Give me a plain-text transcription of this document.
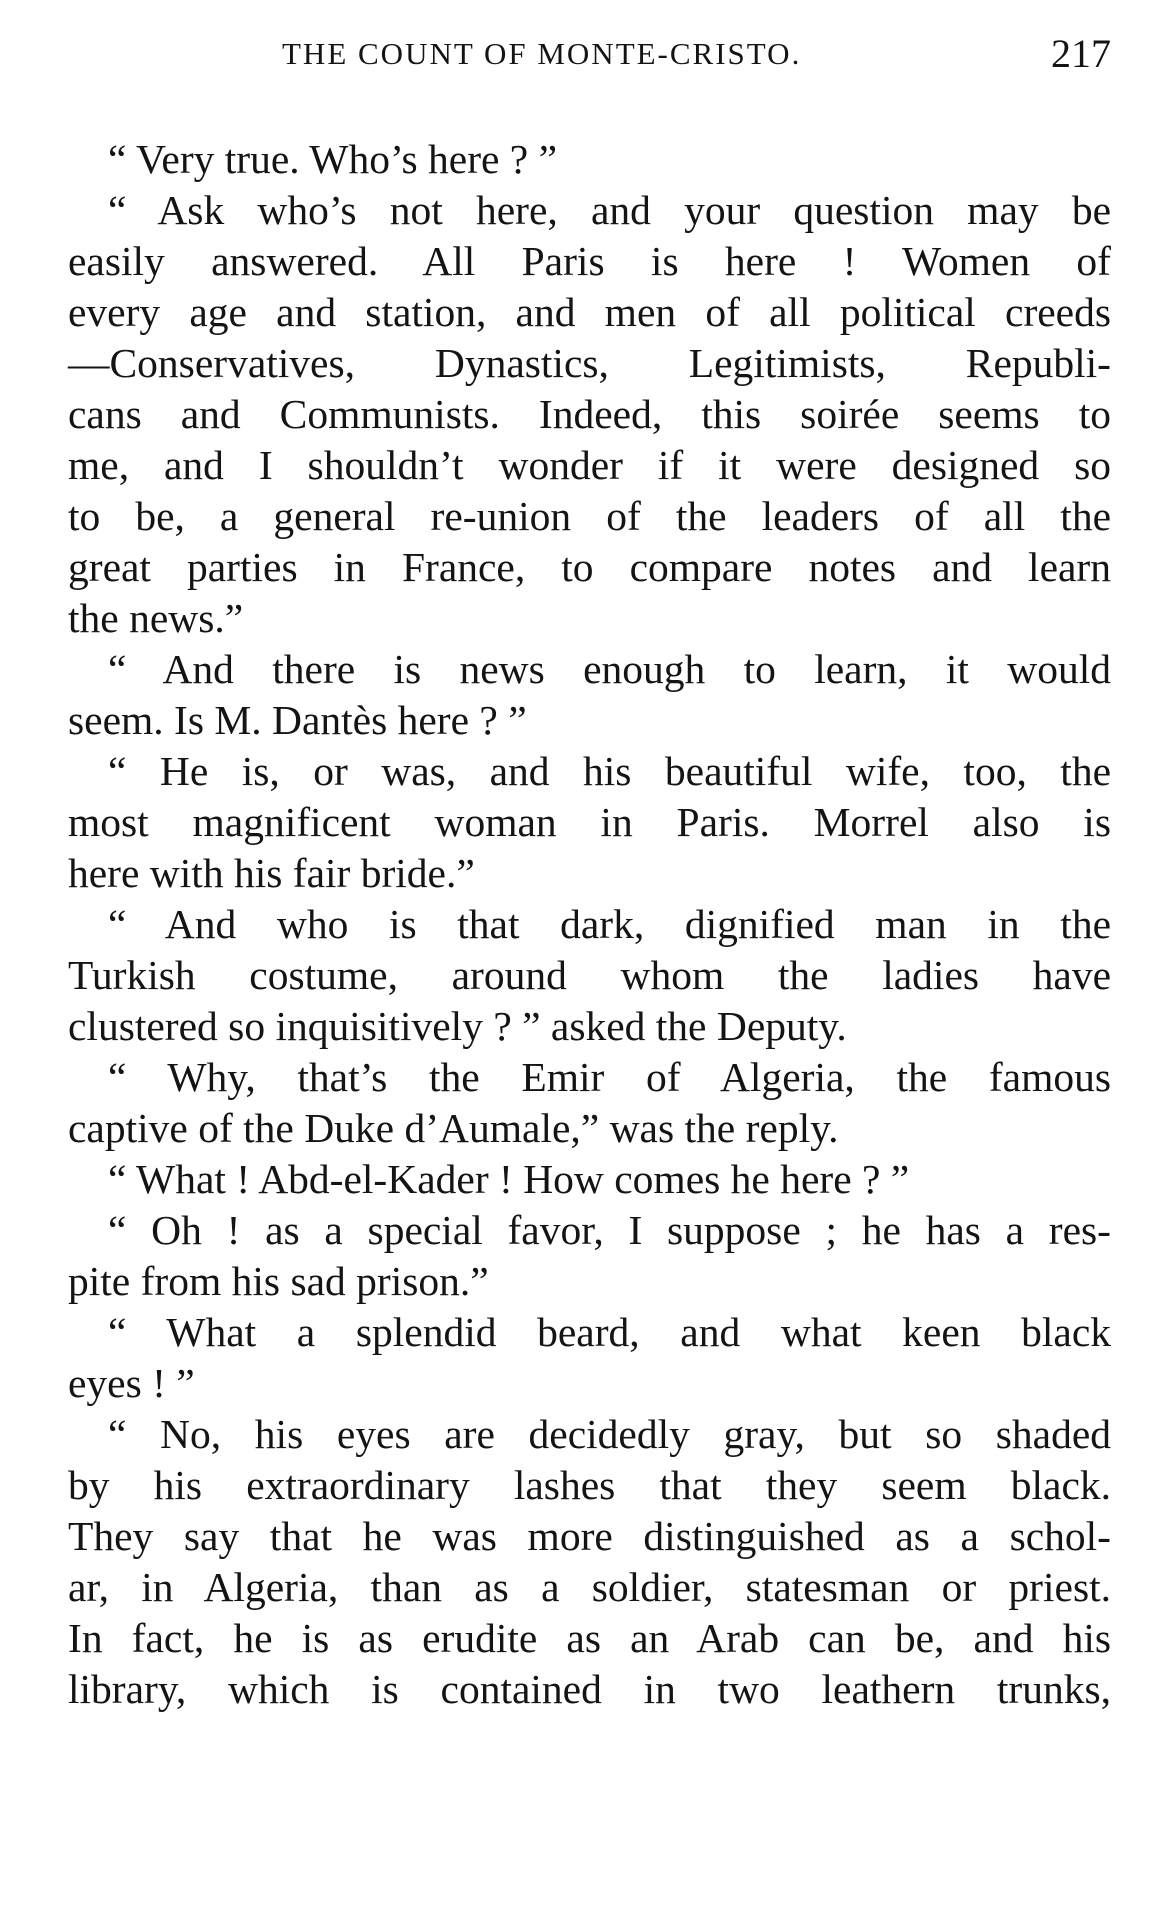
THE COUNT OF MONTE-CRISTO.	217

“ Very true. Who’s here ? ”

“ Ask who’s not here, and your question may be
easily answered. All Paris is here ! Women of
every age and station, and men of all political creeds
—Conservatives, Dynastics, Legitimists, Republi-
cans and Communists. Indeed, this soirée seems to
me, and I shouldn’t wonder if it were designed so
to be, a general re-union of the leaders of all the
great parties in France, to compare notes and learn
the news.”

“ And there is news enough to learn, it would
seem. Is M. Dantès here ? ”

“ He is, or was, and his beautiful wife, too, the
most magnificent woman in Paris. Morrel also is
here with his fair bride.”

“ And who is that dark, dignified man in the
Turkish costume, around whom the ladies have
clustered so inquisitively ? ” asked the Deputy.

“ Why, that’s the Emir of Algeria, the famous
captive of the Duke d’Aumale,” was the reply.

“ What ! Abd-el-Kader ! How comes he here ? ”

“ Oh ! as a special favor, I suppose ; he has a res-
pite from his sad prison.”

“ What a splendid beard, and what keen black
eyes ! ”

“ No, his eyes are decidedly gray, but so shaded
by his extraordinary lashes that they seem black.
They say that he was more distinguished as a schol-
ar, in Algeria, than as a soldier, statesman or priest.
In fact, he is as erudite as an Arab can be, and his
library, which is contained in two leathern trunks,
